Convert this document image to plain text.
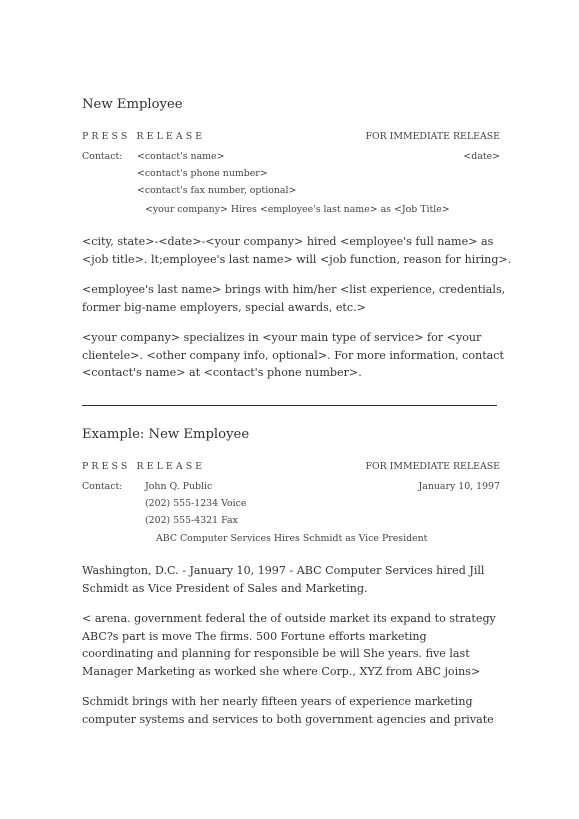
New Employee
PRESS RELEASE	FOR IMMEDIATE RELEASE
Contact: <contact's name>	<date>
<contact's phone number>
<contact's fax number, optional>
<your company> Hires <employee's last name> as <Job Title>

<city, state>-<date>-<your company> hired <employee's full name> as

<job title>. lt;employee's last name> will <job function, reason for hiring>.

<employee's last name> brings with him/her <list experience, credentials,

former big-name employers, special awards, etc.>

<your company> specializes in <your main type of service> for <your

clientele>. <other company info, optional>. For more information, contact

<contact's name> at <contact's phone number>.

Example: New Employee
PRESS RELEASE	FOR IMMEDIATE RELEASE
Contact: John Q. Public	January 10, 1997
(202) 555-1234 Voice
(202) 555-4321 Fax
ABC Computer Services Hires Schmidt as Vice President

Washington, D.C. - January 10, 1997 - ABC Computer Services hired Jill

Schmidt as Vice President of Sales and Marketing.

< arena. government federal the of outside market its expand to strategy

ABC?s part is move The firms. 500 Fortune efforts marketing

coordinating and planning for responsible be will She years. five last

Manager Marketing as worked she where Corp., XYZ from ABC joins>

Schmidt brings with her nearly fifteen years of experience marketing

computer systems and services to both government agencies and private
